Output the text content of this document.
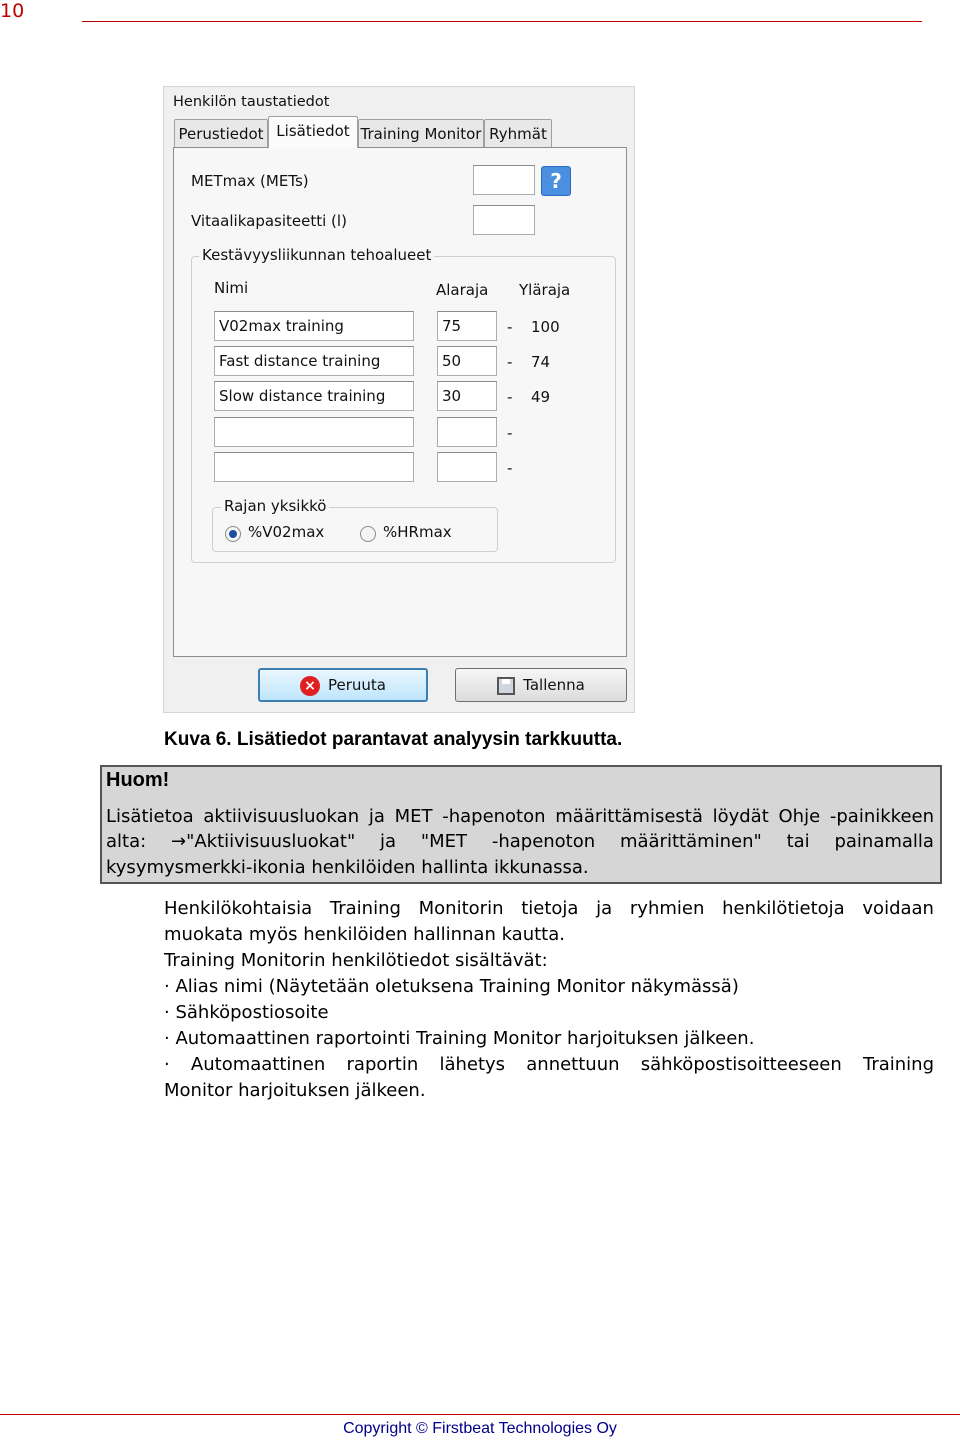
10
Henkilön taustatiedot
Perustiedot Lisätiedot Training Monitor Ryhmät
METmax (METs)	?
Vitaalikapasiteetti (l)
Kestävyysliikunnan tehoalueet
Nimi	Alaraja Yläraja
V02max training	75	- 100
Fast distance training	50	- 74
Slow distance training	30	- 49
-
-
Rajan yksikkö
%V02max	%HRmax
× Peruuta	Tallenna
Kuva 6. Lisätiedot parantavat analyysin tarkkuutta.
Huom!
Lisätietoa aktiivisuusluokan ja MET -hapenoton määrittämisestä löydät Ohje -painikkeen
alta: →"Aktiivisuusluokat" ja "MET -hapenoton määrittäminen" tai painamalla
kysymysmerkki-ikonia henkilöiden hallinta ikkunassa.
Henkilökohtaisia Training Monitorin tietoja ja ryhmien henkilötietoja voidaan
muokata myös henkilöiden hallinnan kautta.
Training Monitorin henkilötiedot sisältävät:
· Alias nimi (Näytetään oletuksena Training Monitor näkymässä)
· Sähköpostiosoite
· Automaattinen raportointi Training Monitor harjoituksen jälkeen.
· Automaattinen raportin lähetys annettuun sähköpostisoitteeseen Training
Monitor harjoituksen jälkeen.
Copyright © Firstbeat Technologies Oy
